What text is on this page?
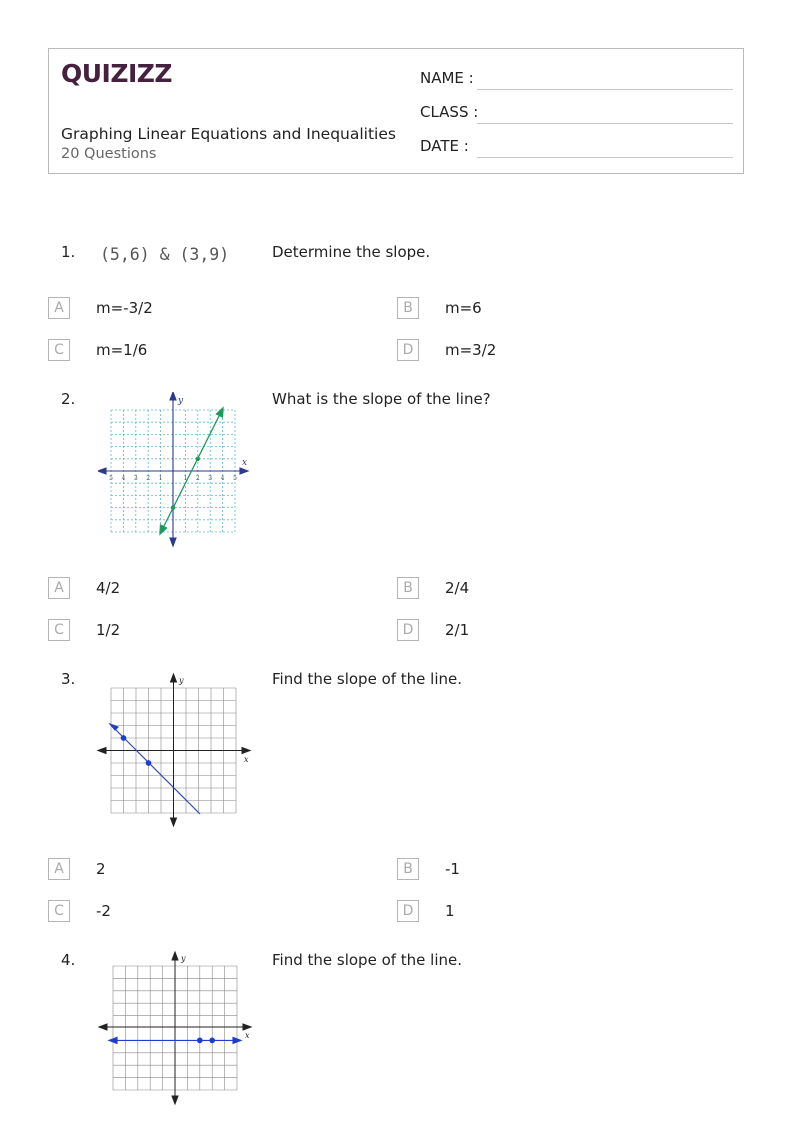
QUIZIZZ
Graphing Linear Equations and Inequalities
20 Questions
NAME :
CLASS :
DATE :
1. (5,6) & (3,9)	Determine the slope.
A	m=-3/2	B	m=6
C	m=1/6	D	m=3/2
2.	What is the slope of the line?
5 4 3 2 1	1 2 3 4 5
x
y
A	4/2	B	2/4
C	1/2	D	2/1
3.	Find the slope of the line.
x
y
A	2	B	-1
C	-2	D	1
4.	Find the slope of the line.
x
y
